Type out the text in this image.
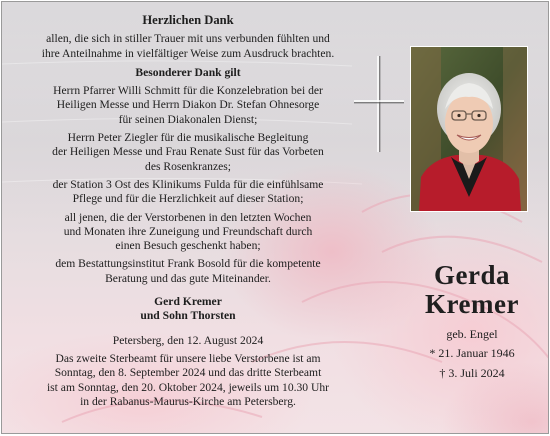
Herzlichen Dank
allen, die sich in stiller Trauer mit uns verbunden fühlten und
ihre Anteilnahme in vielfältiger Weise zum Ausdruck brachten.
Besonderer Dank gilt
Herrn Pfarrer Willi Schmitt für die Konzelebration bei der
Heiligen Messe und Herrn Diakon Dr. Stefan Ohnesorge
für seinen Diakonalen Dienst;
Herrn Peter Ziegler für die musikalische Begleitung
der Heiligen Messe und Frau Renate Sust für das Vorbeten
des Rosenkranzes;
der Station 3 Ost des Klinikums Fulda für die einfühlsame
Pflege und für die Herzlichkeit auf dieser Station;
all jenen, die der Verstorbenen in den letzten Wochen
und Monaten ihre Zuneigung und Freundschaft durch
einen Besuch geschenkt haben;
dem Bestattungsinstitut Frank Bosold für die kompetente
Beratung und das gute Miteinander.
Gerd Kremer
und Sohn Thorsten
Petersberg, den 12. August 2024
Das zweite Sterbeamt für unsere liebe Verstorbene ist am
Sonntag, den 8. September 2024 und das dritte Sterbeamt
ist am Sonntag, den 20. Oktober 2024, jeweils um 10.30 Uhr
in der Rabanus-Maurus-Kirche am Petersberg.
Gerda
Kremer
geb. Engel
* 21. Januar 1946
† 3. Juli 2024
